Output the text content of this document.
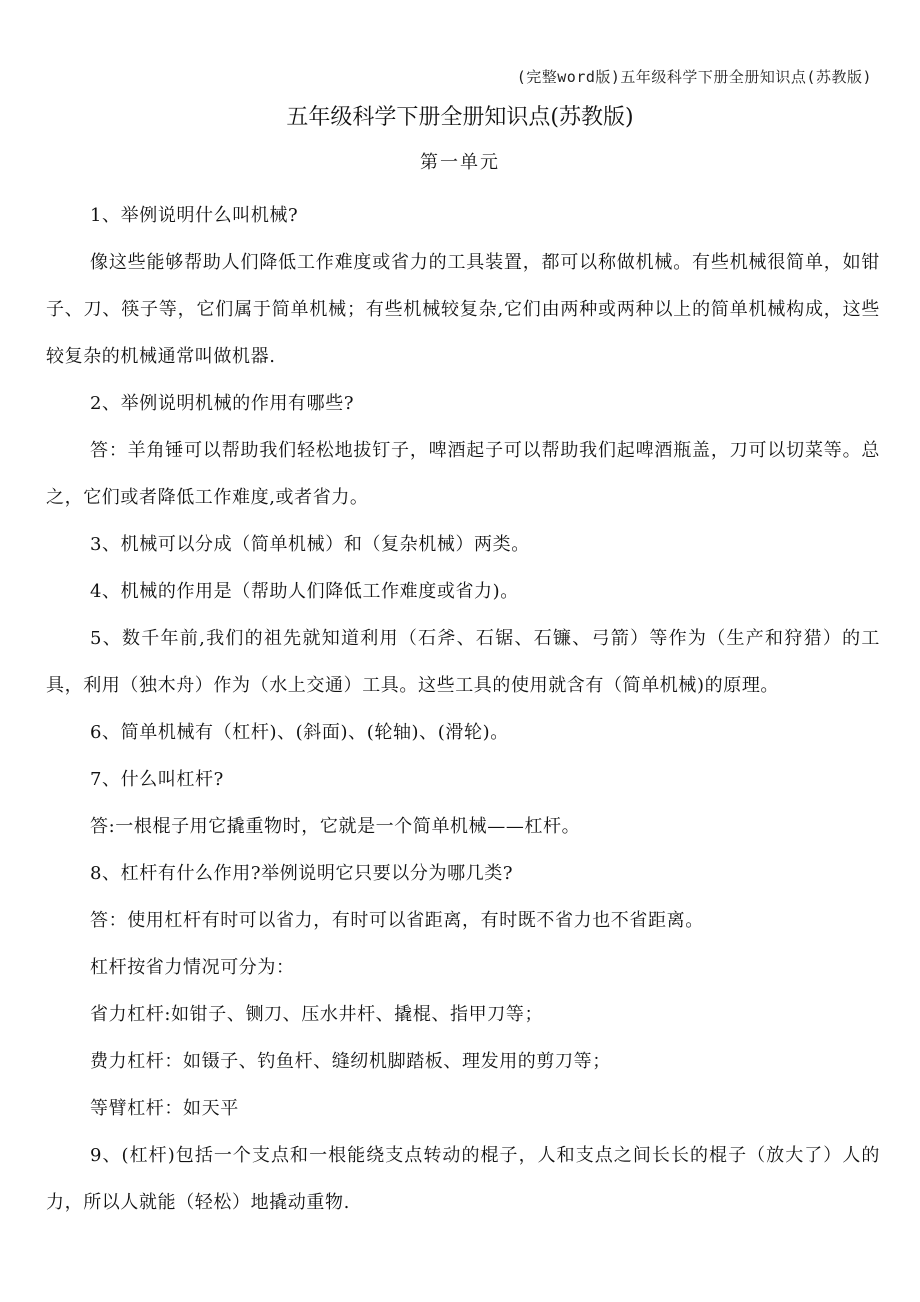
(完整word版)五年级科学下册全册知识点(苏教版)
五年级科学下册全册知识点(苏教版)
第一单元

1、举例说明什么叫机械?

像这些能够帮助人们降低工作难度或省力的工具装置，都可以称做机械。有些机械很简单，如钳子、刀、筷子等，它们属于简单机械；有些机械较复杂,它们由两种或两种以上的简单机械构成，这些较复杂的机械通常叫做机器.

2、举例说明机械的作用有哪些?

答：羊角锤可以帮助我们轻松地拔钉子，啤酒起子可以帮助我们起啤酒瓶盖，刀可以切菜等。总之，它们或者降低工作难度,或者省力。

3、机械可以分成（简单机械）和（复杂机械）两类。

4、机械的作用是（帮助人们降低工作难度或省力)。

5、数千年前,我们的祖先就知道利用（石斧、石锯、石镰、弓箭）等作为（生产和狩猎）的工具，利用（独木舟）作为（水上交通）工具。这些工具的使用就含有（简单机械)的原理。

6、简单机械有（杠杆)、(斜面)、(轮轴)、(滑轮)。

7、什么叫杠杆?

答:一根棍子用它撬重物时，它就是一个简单机械——杠杆。

8、杠杆有什么作用?举例说明它只要以分为哪几类?

答：使用杠杆有时可以省力，有时可以省距离，有时既不省力也不省距离。

杠杆按省力情况可分为：

省力杠杆:如钳子、铡刀、压水井杆、撬棍、指甲刀等；

费力杠杆：如镊子、钓鱼杆、缝纫机脚踏板、理发用的剪刀等；

等臂杠杆：如天平

9、(杠杆)包括一个支点和一根能绕支点转动的棍子，人和支点之间长长的棍子（放大了）人的力，所以人就能（轻松）地撬动重物.
